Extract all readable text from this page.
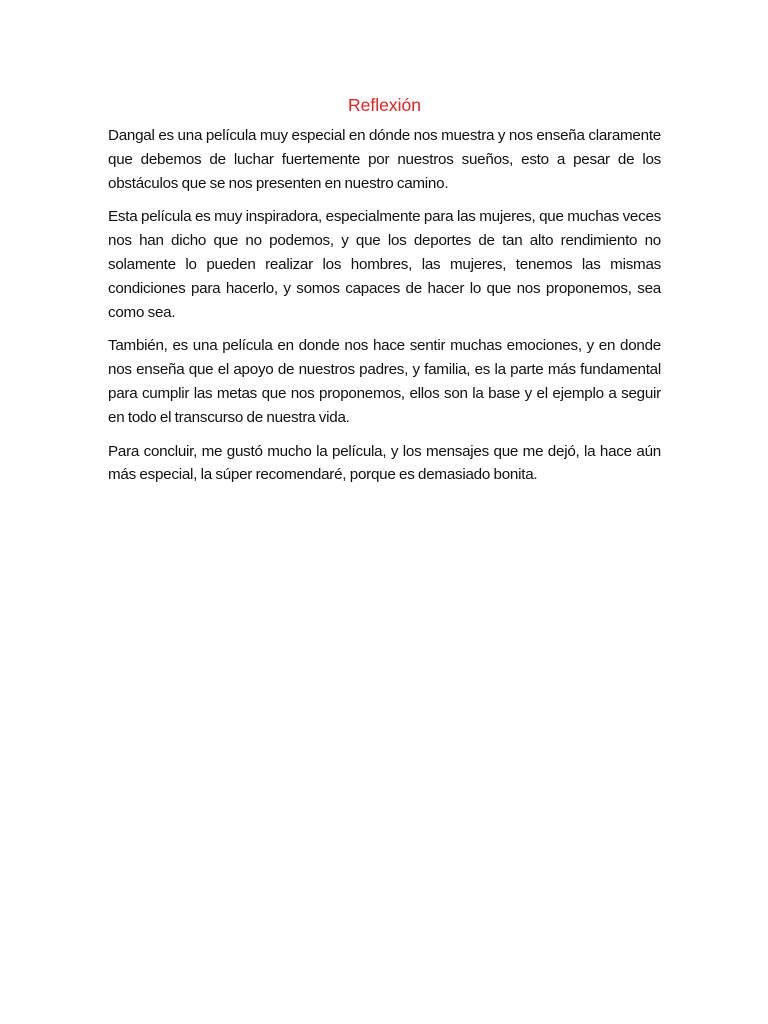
Reflexión

Dangal es una película muy especial en dónde nos muestra y nos enseña claramente que debemos de luchar fuertemente por nuestros sueños, esto a pesar de los obstáculos que se nos presenten en nuestro camino.

Esta película es muy inspiradora, especialmente para las mujeres, que muchas veces nos han dicho que no podemos, y que los deportes de tan alto rendimiento no solamente lo pueden realizar los hombres, las mujeres, tenemos las mismas condiciones para hacerlo, y somos capaces de hacer lo que nos proponemos, sea como sea.

También, es una película en donde nos hace sentir muchas emociones, y en donde nos enseña que el apoyo de nuestros padres, y familia, es la parte más fundamental para cumplir las metas que nos proponemos, ellos son la base y el ejemplo a seguir en todo el transcurso de nuestra vida.

Para concluir, me gustó mucho la película, y los mensajes que me dejó, la hace aún más especial, la súper recomendaré, porque es demasiado bonita.
